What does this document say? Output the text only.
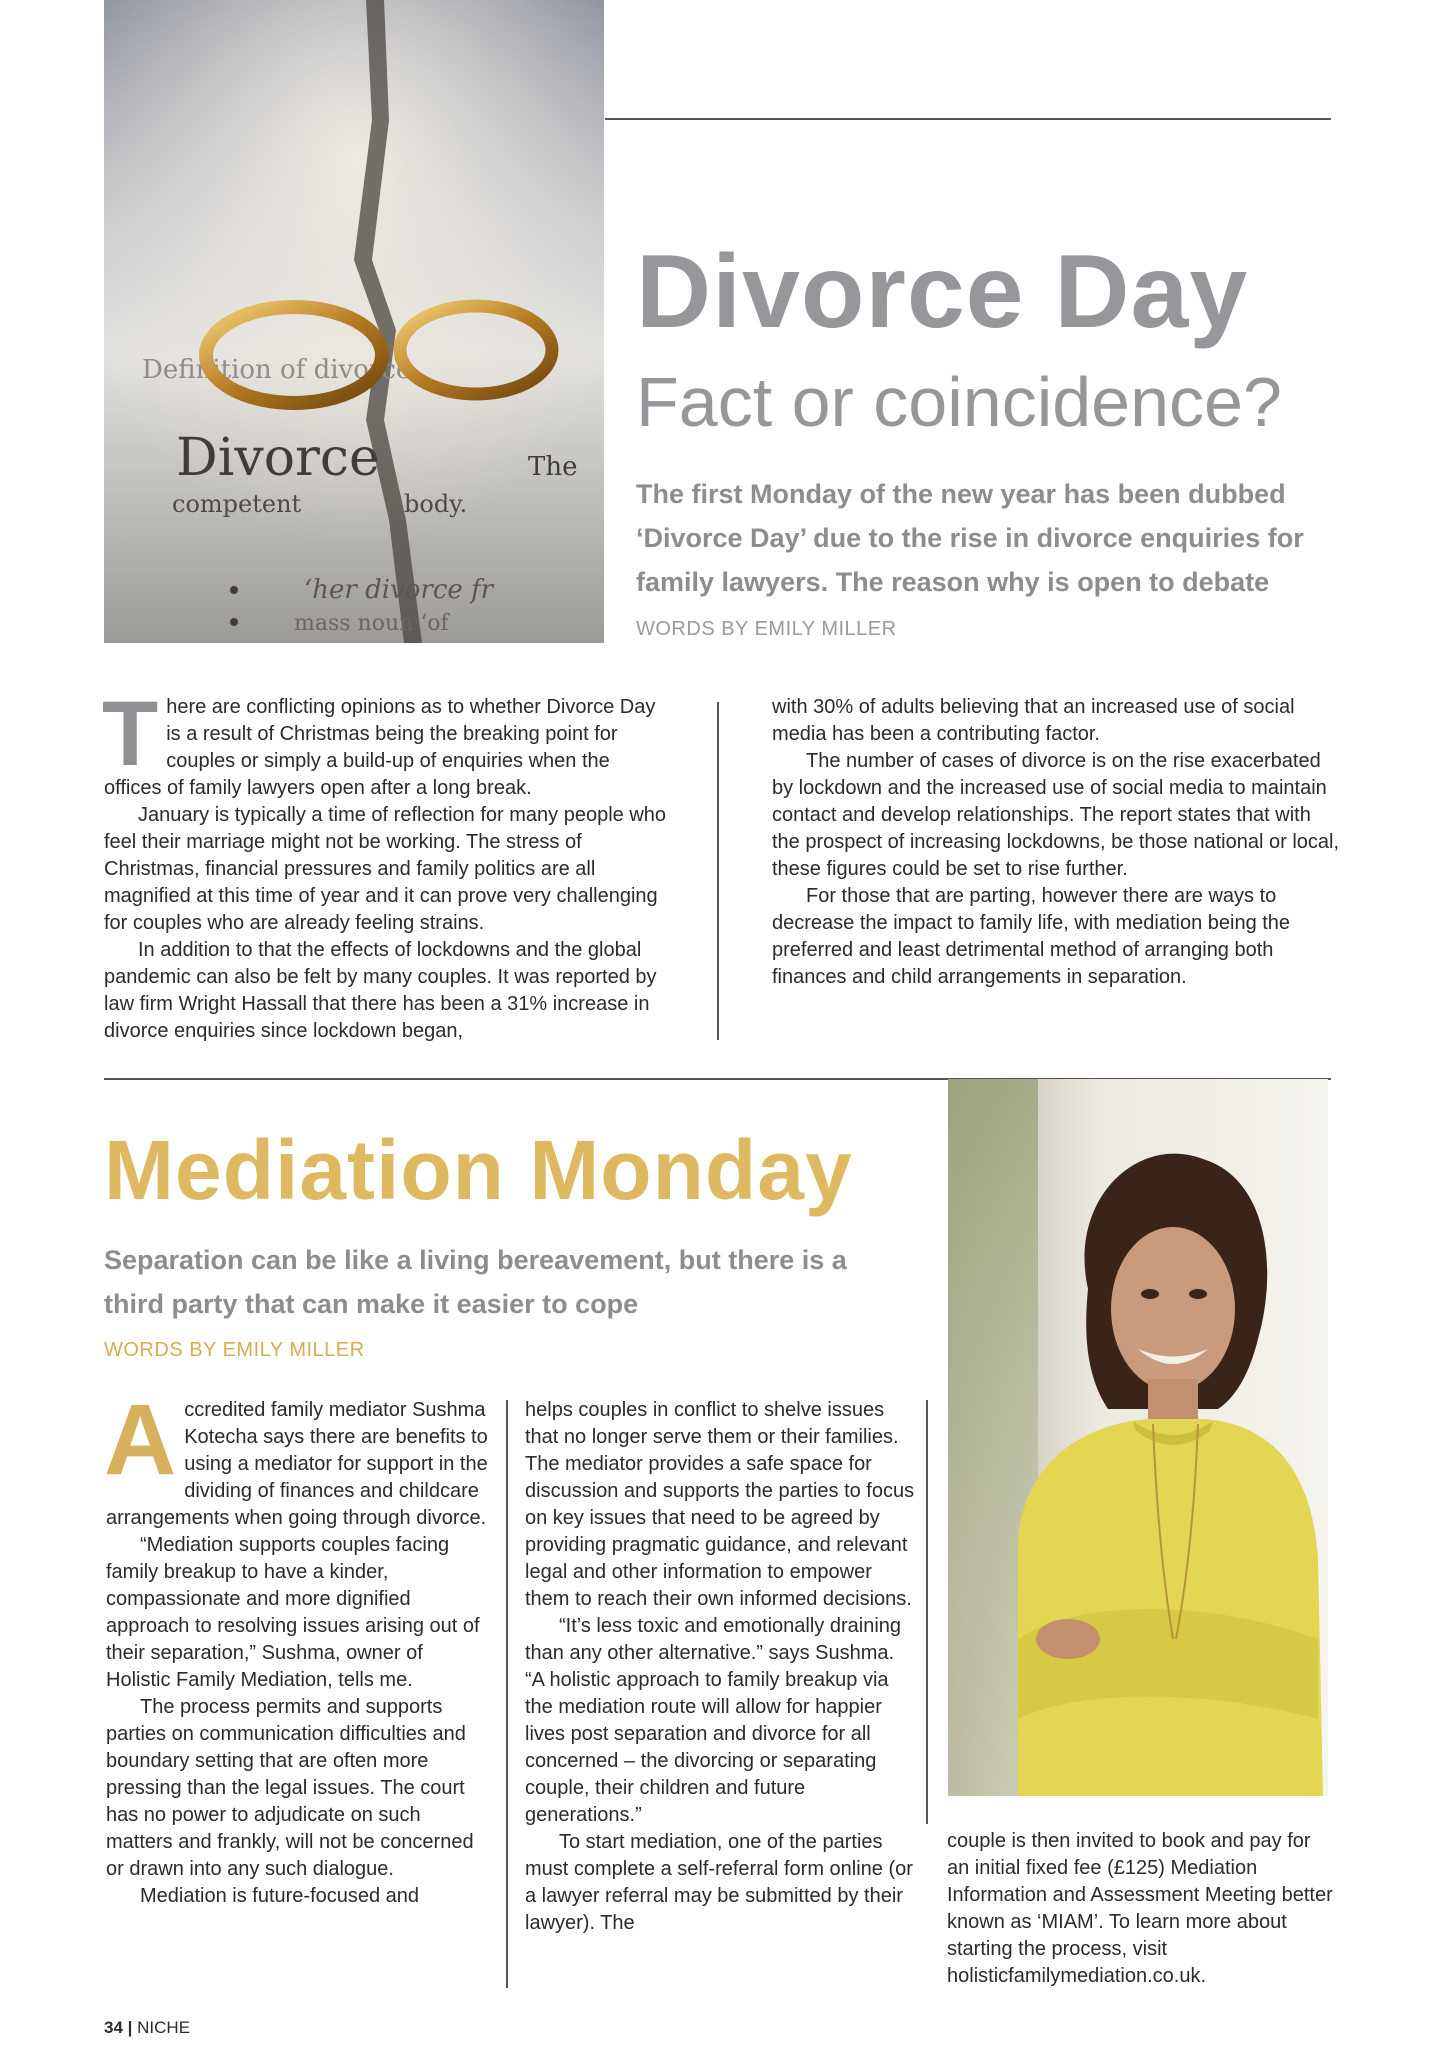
Definition of divorce
Divorce	The
competent	body.
‘her divorce fr
mass noun ‘of
Divorce Day
Fact or coincidence?
The first Monday of the new year has been dubbed ‘Divorce Day’ due to the rise in divorce enquiries for family lawyers. The reason why is open to debate
WORDS BY EMILY MILLER

There are conflicting opinions as to whether Divorce Day is a result of Christmas being the breaking point for couples or simply a build-up of enquiries when the offices of family lawyers open after a long break.

January is typically a time of reflection for many people who feel their marriage might not be working. The stress of Christmas, financial pressures and family politics are all magnified at this time of year and it can prove very challenging for couples who are already feeling strains.

In addition to that the effects of lockdowns and the global pandemic can also be felt by many couples. It was reported by law firm Wright Hassall that there has been a 31% increase in divorce enquiries since lockdown began,

with 30% of adults believing that an increased use of social media has been a contributing factor.

The number of cases of divorce is on the rise exacerbated by lockdown and the increased use of social media to maintain contact and develop relationships. The report states that with the prospect of increasing lockdowns, be those national or local, these figures could be set to rise further.

For those that are parting, however there are ways to decrease the impact to family life, with mediation being the preferred and least detrimental method of arranging both finances and child arrangements in separation.

Mediation Monday
Separation can be like a living bereavement, but there is a third party that can make it easier to cope
WORDS BY EMILY MILLER

Accredited family mediator Sushma Kotecha says there are benefits to using a mediator for support in the dividing of finances and childcare arrangements when going through divorce.

“Mediation supports couples facing family breakup to have a kinder, compassionate and more dignified approach to resolving issues arising out of their separation,” Sushma, owner of Holistic Family Mediation, tells me.

The process permits and supports parties on communication difficulties and boundary setting that are often more pressing than the legal issues. The court has no power to adjudicate on such matters and frankly, will not be concerned or drawn into any such dialogue.

Mediation is future-focused and

helps couples in conflict to shelve issues that no longer serve them or their families. The mediator provides a safe space for discussion and supports the parties to focus on key issues that need to be agreed by providing pragmatic guidance, and relevant legal and other information to empower them to reach their own informed decisions.

“It’s less toxic and emotionally draining than any other alternative.” says Sushma. “A holistic approach to family breakup via the mediation route will allow for happier lives post separation and divorce for all concerned – the divorcing or separating couple, their children and future generations.”

To start mediation, one of the parties must complete a self-referral form online (or a lawyer referral may be submitted by their lawyer). The

couple is then invited to book and pay for an initial fixed fee (£125) Mediation Information and Assessment Meeting better known as ‘MIAM’. To learn more about starting the process, visit holisticfamilymediation.co.uk.

34 | NICHE
